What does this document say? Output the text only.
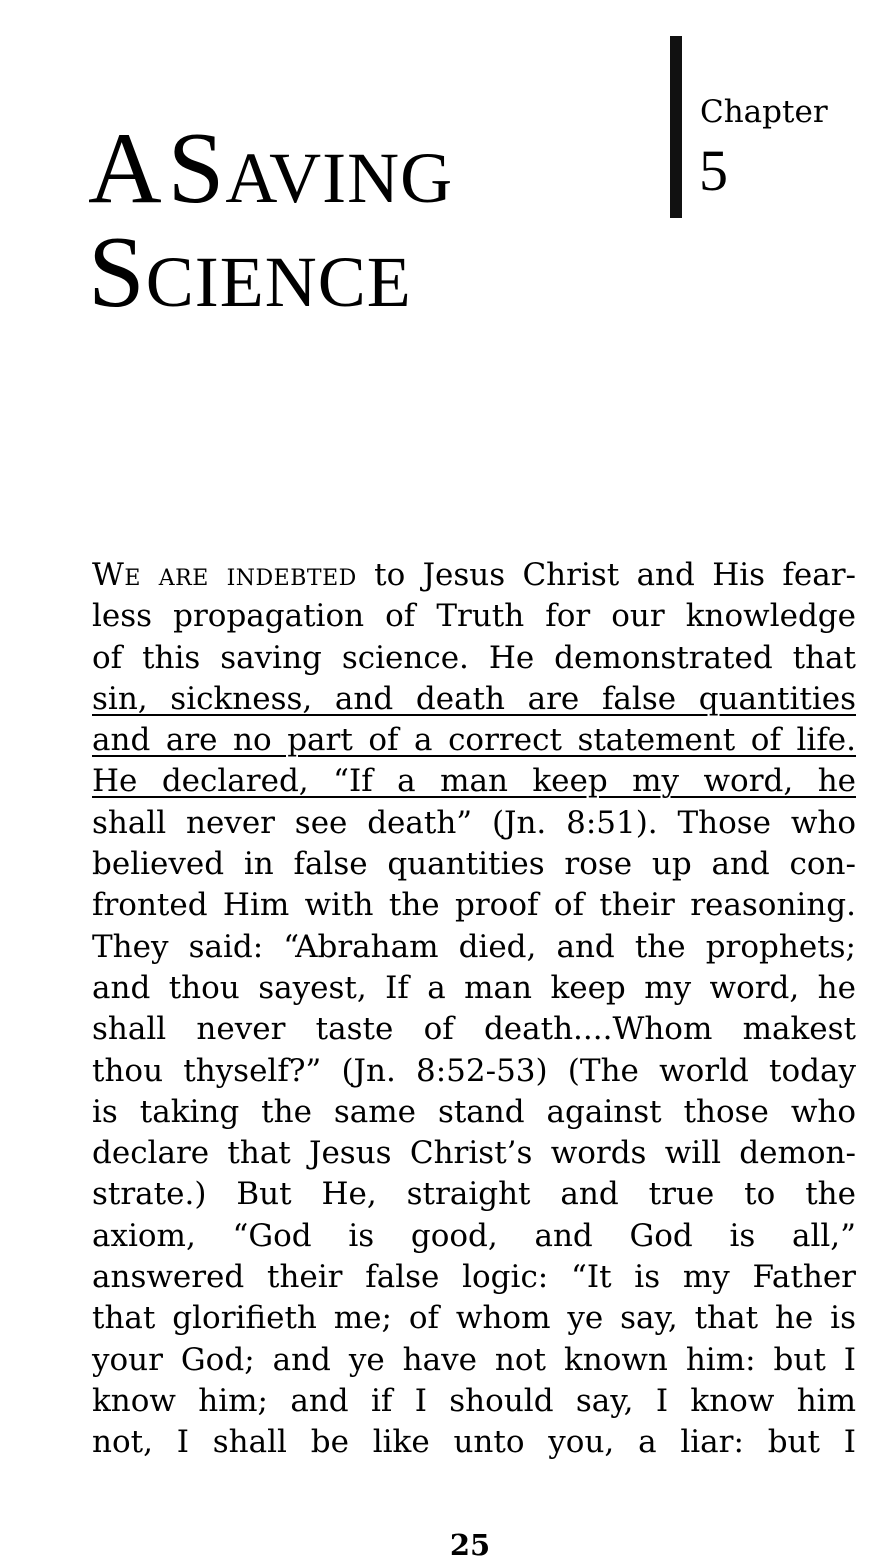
A SAVING
SCIENCE
Chapter
5
We are indebted to Jesus Christ and His fear-
less propagation of Truth for our knowledge
of this saving science. He demonstrated that
sin, sickness, and death are false quantities
and are no part of a correct statement of life.
He declared, “If a man keep my word, he
shall never see death” (Jn. 8:51). Those who
believed in false quantities rose up and con-
fronted Him with the proof of their reasoning.
They said: “Abraham died, and the prophets;
and thou sayest, If a man keep my word, he
shall never taste of death....Whom makest
thou thyself?” (Jn. 8:52-53) (The world today
is taking the same stand against those who
declare that Jesus Christ’s words will demon-
strate.) But He, straight and true to the
axiom, “God is good, and God is all,”
answered their false logic: “It is my Father
that glorifieth me; of whom ye say, that he is
your God; and ye have not known him: but I
know him; and if I should say, I know him
not, I shall be like unto you, a liar: but I
25
